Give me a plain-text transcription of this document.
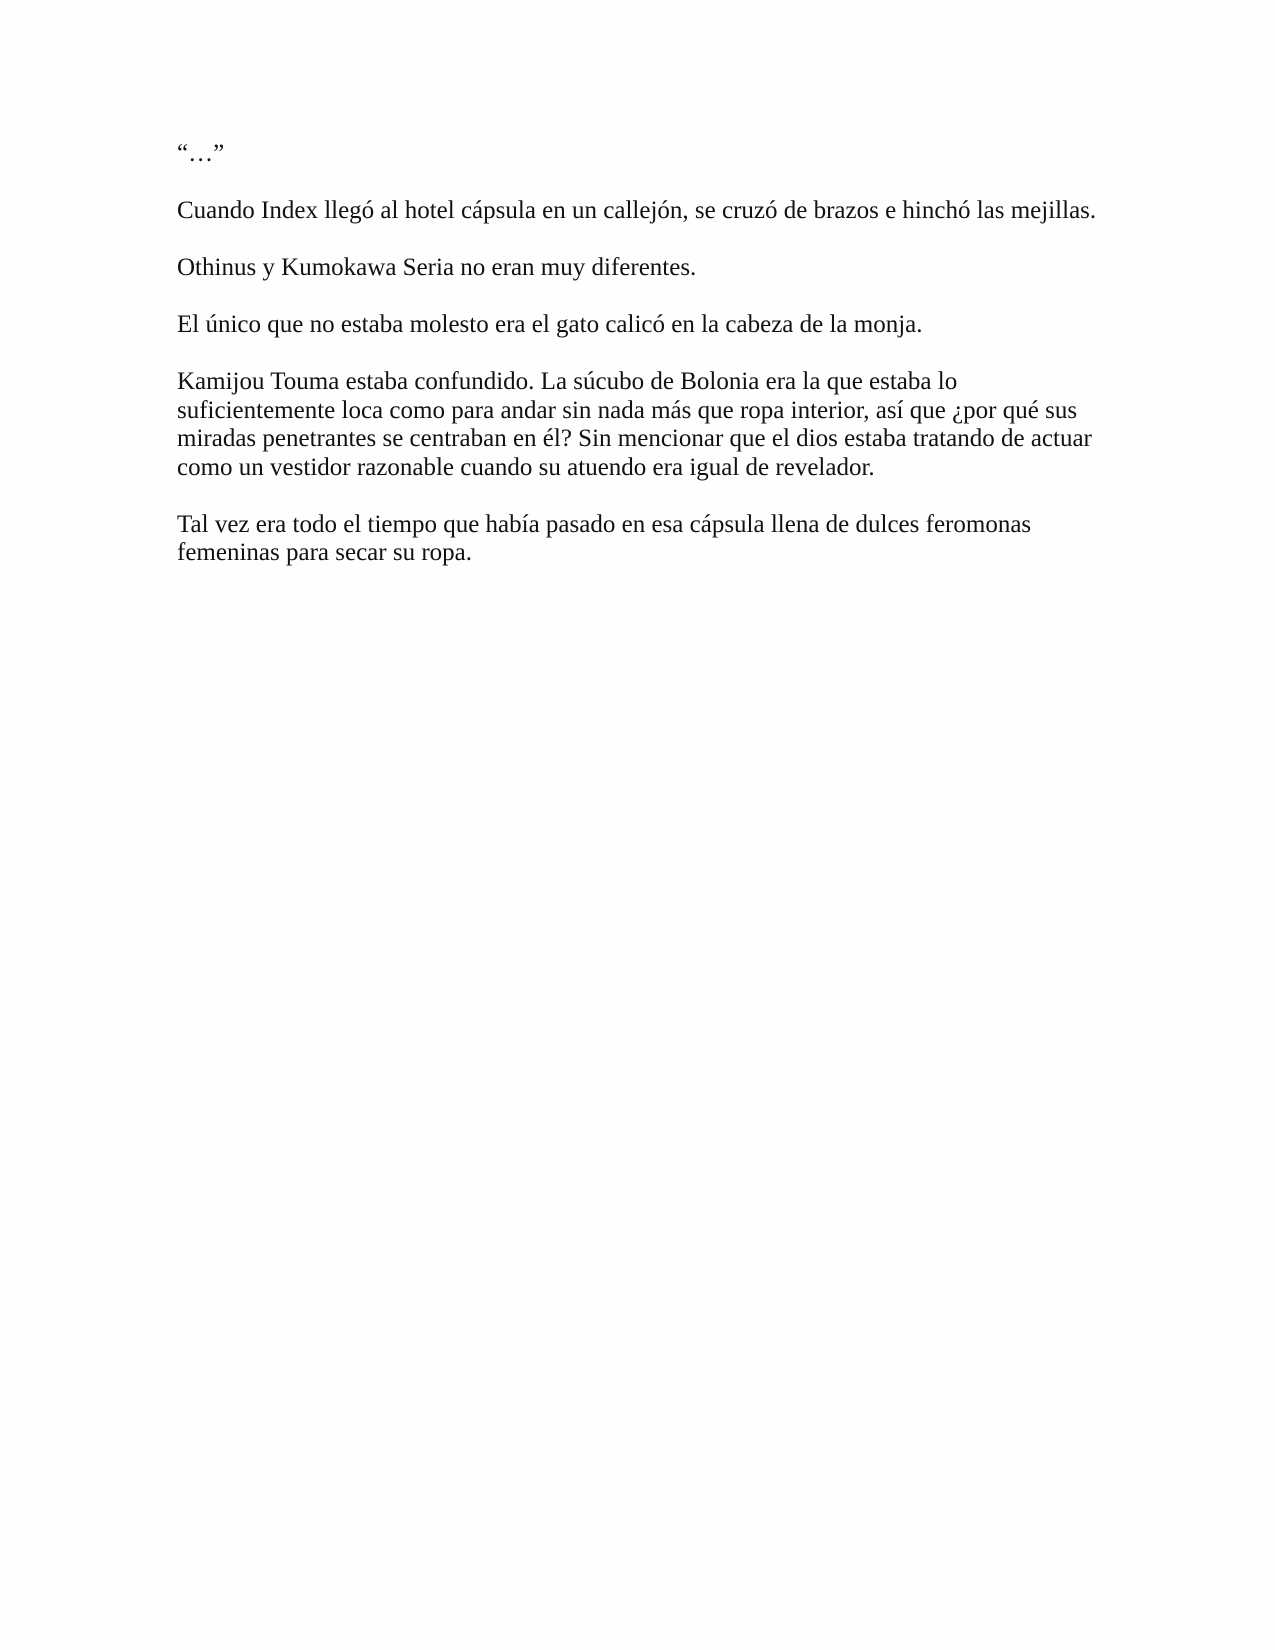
“…”

Cuando Index llegó al hotel cápsula en un callejón, se cruzó de brazos e hinchó las mejillas.

Othinus y Kumokawa Seria no eran muy diferentes.

El único que no estaba molesto era el gato calicó en la cabeza de la monja.

Kamijou Touma estaba confundido. La súcubo de Bolonia era la que estaba lo suficientemente loca como para andar sin nada más que ropa interior, así que ¿por qué sus miradas penetrantes se centraban en él? Sin mencionar que el dios estaba tratando de actuar como un vestidor razonable cuando su atuendo era igual de revelador.

Tal vez era todo el tiempo que había pasado en esa cápsula llena de dulces feromonas femeninas para secar su ropa.
